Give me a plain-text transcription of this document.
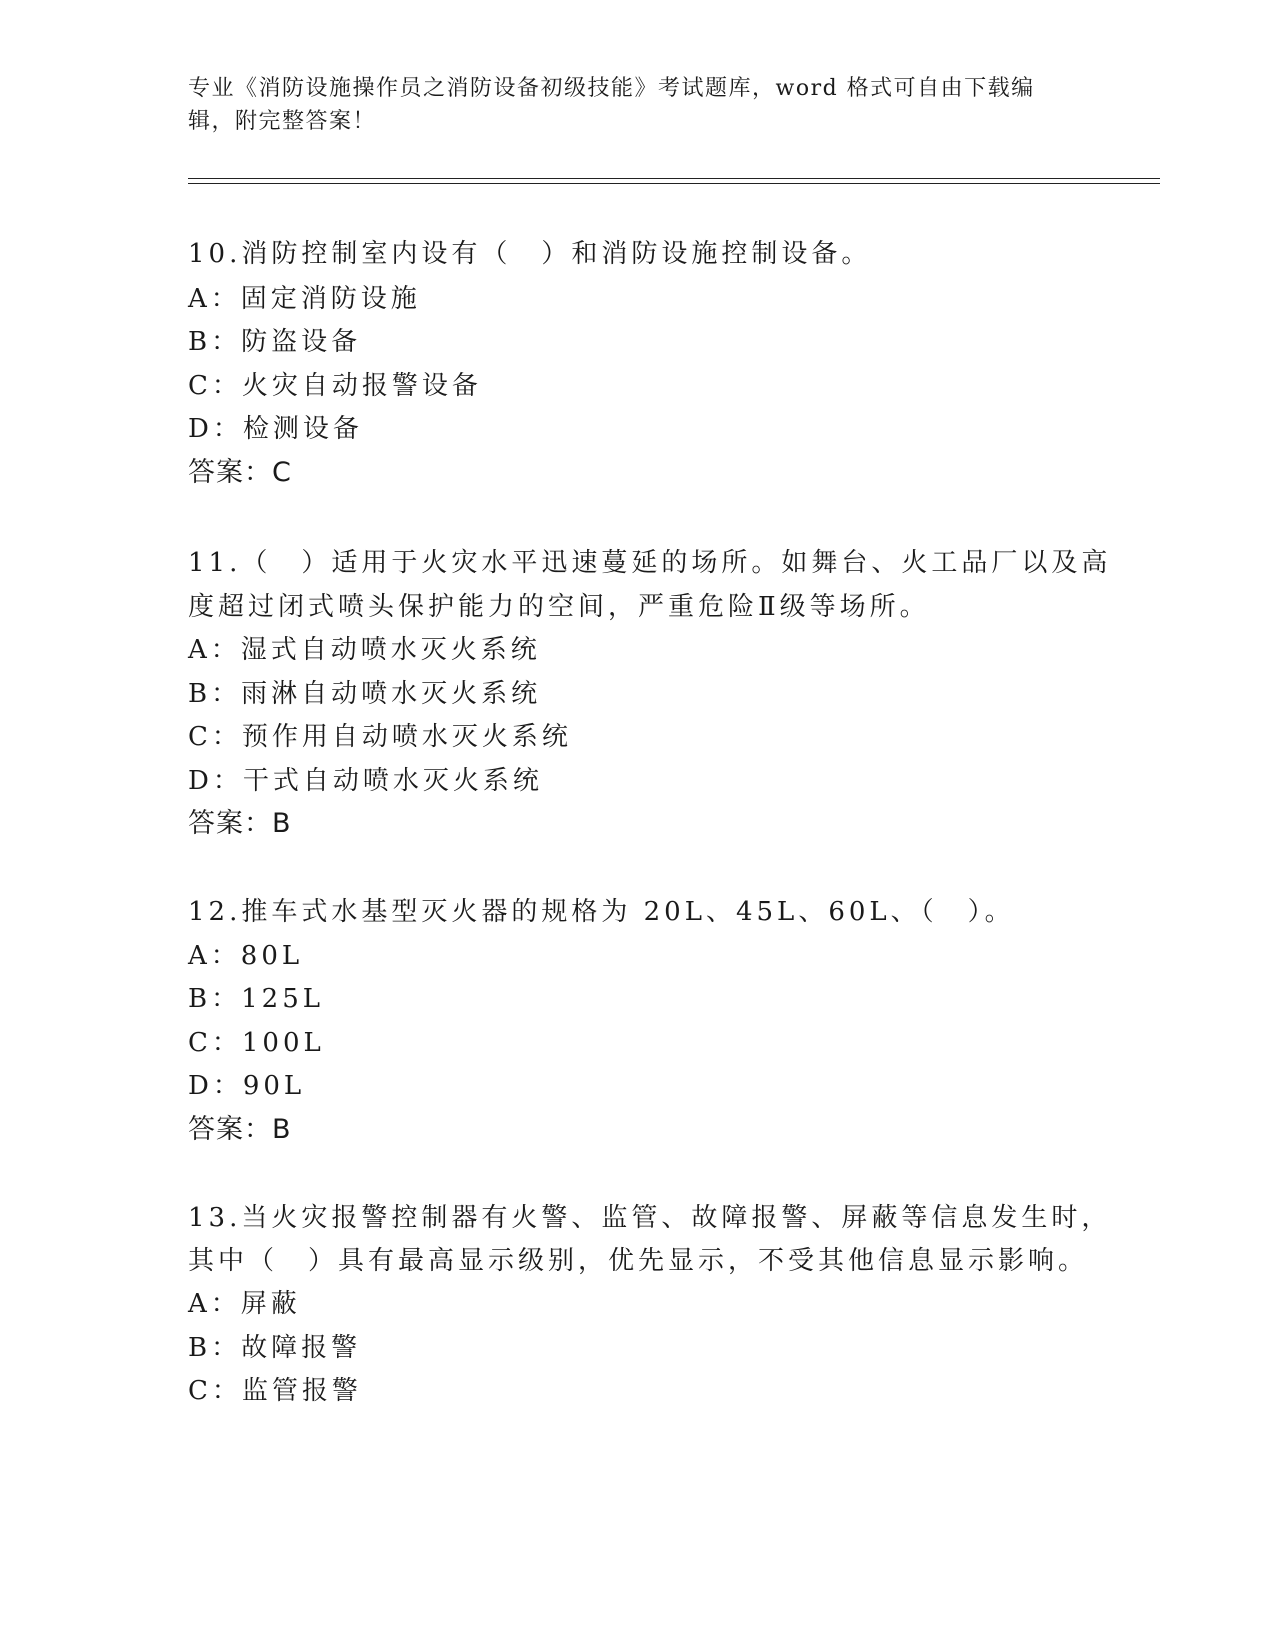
专业《消防设施操作员之消防设备初级技能》考试题库，word 格式可自由下载编
辑，附完整答案！
10.消防控制室内设有（　）和消防设施控制设备。
A：固定消防设施
B：防盗设备
C：火灾自动报警设备
D：检测设备
答案：C
11.（　）适用于火灾水平迅速蔓延的场所。如舞台、火工品厂以及高
度超过闭式喷头保护能力的空间，严重危险Ⅱ级等场所。
A：湿式自动喷水灭火系统
B：雨淋自动喷水灭火系统
C：预作用自动喷水灭火系统
D：干式自动喷水灭火系统
答案：B
12.推车式水基型灭火器的规格为 20L、45L、60L、（　）。
A：80L
B：125L
C：100L
D：90L
答案：B
13.当火灾报警控制器有火警、监管、故障报警、屏蔽等信息发生时，
其中（　）具有最高显示级别，优先显示，不受其他信息显示影响。
A：屏蔽
B：故障报警
C：监管报警
